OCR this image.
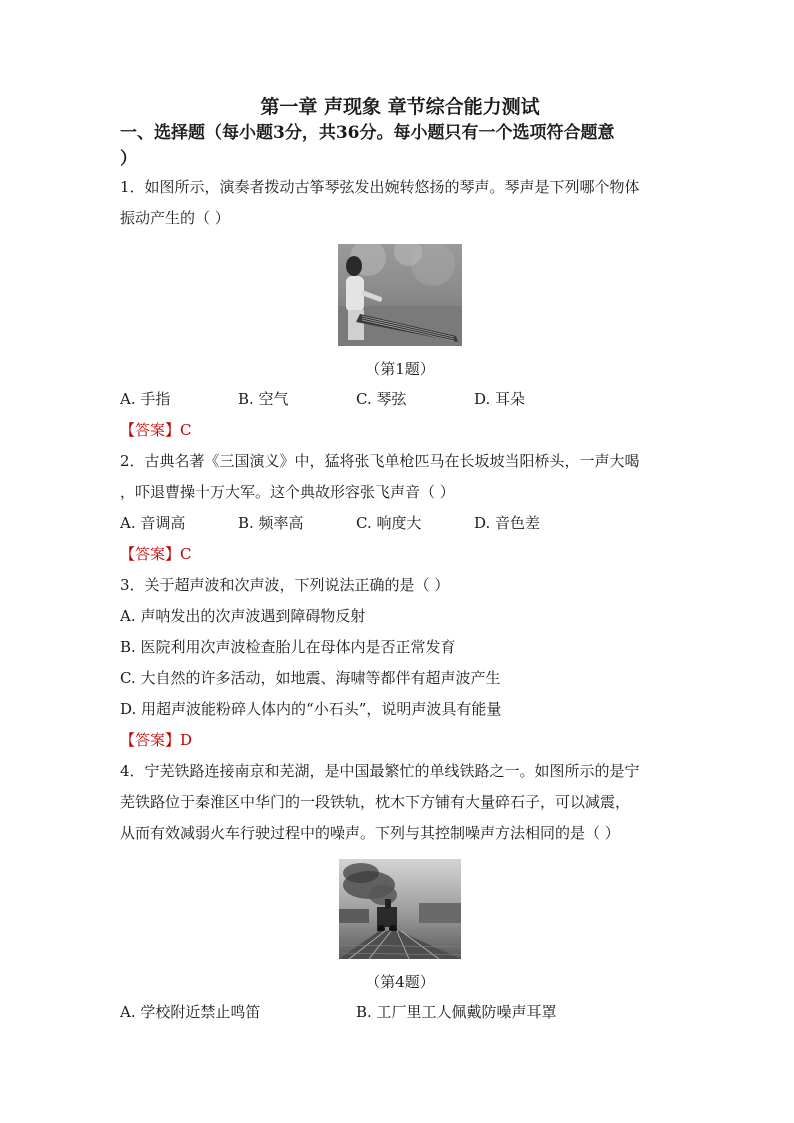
第一章 声现象 章节综合能力测试
一、选择题（每小题3分，共36分。每小题只有一个选项符合题意
）

1．如图所示，演奏者拨动古筝琴弦发出婉转悠扬的琴声。琴声是下列哪个物体

振动产生的（ ）

（第1题）
A. 手指	B. 空气	C. 琴弦	D. 耳朵
【答案】C

2．古典名著《三国演义》中，猛将张飞单枪匹马在长坂坡当阳桥头，一声大喝

，吓退曹操十万大军。这个典故形容张飞声音（ ）

A. 音调高	B. 频率高	C. 响度大	D. 音色差
【答案】C

3．关于超声波和次声波，下列说法正确的是（ ）

A. 声呐发出的次声波遇到障碍物反射
B. 医院利用次声波检查胎儿在母体内是否正常发育
C. 大自然的许多活动，如地震、海啸等都伴有超声波产生
D. 用超声波能粉碎人体内的“小石头”，说明声波具有能量
【答案】D

4．宁芜铁路连接南京和芜湖，是中国最繁忙的单线铁路之一。如图所示的是宁

芜铁路位于秦淮区中华门的一段铁轨，枕木下方铺有大量碎石子，可以减震，

从而有效减弱火车行驶过程中的噪声。下列与其控制噪声方法相同的是（ ）

（第4题）
A. 学校附近禁止鸣笛	B. 工厂里工人佩戴防噪声耳罩
